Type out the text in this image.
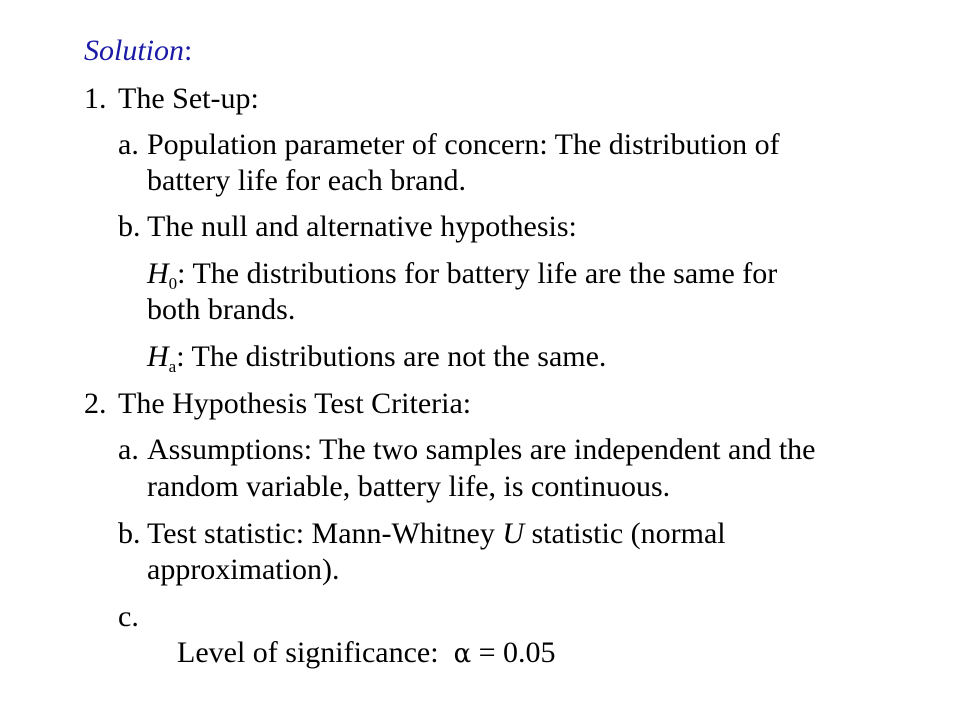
Solution:
1. The Set-up:
a. Population parameter of concern: The distribution of
battery life for each brand.
b. The null and alternative hypothesis:
$H_0$: The distributions for battery life are the same for
both brands.
$H_a$: The distributions are not the same.
2. The Hypothesis Test Criteria:
a. Assumptions: The two samples are independent and the
random variable, battery life, is continuous.
b. Test statistic: Mann-Whitney U statistic (normal
approximation).
c.

Level of significance:  α = 0.05
